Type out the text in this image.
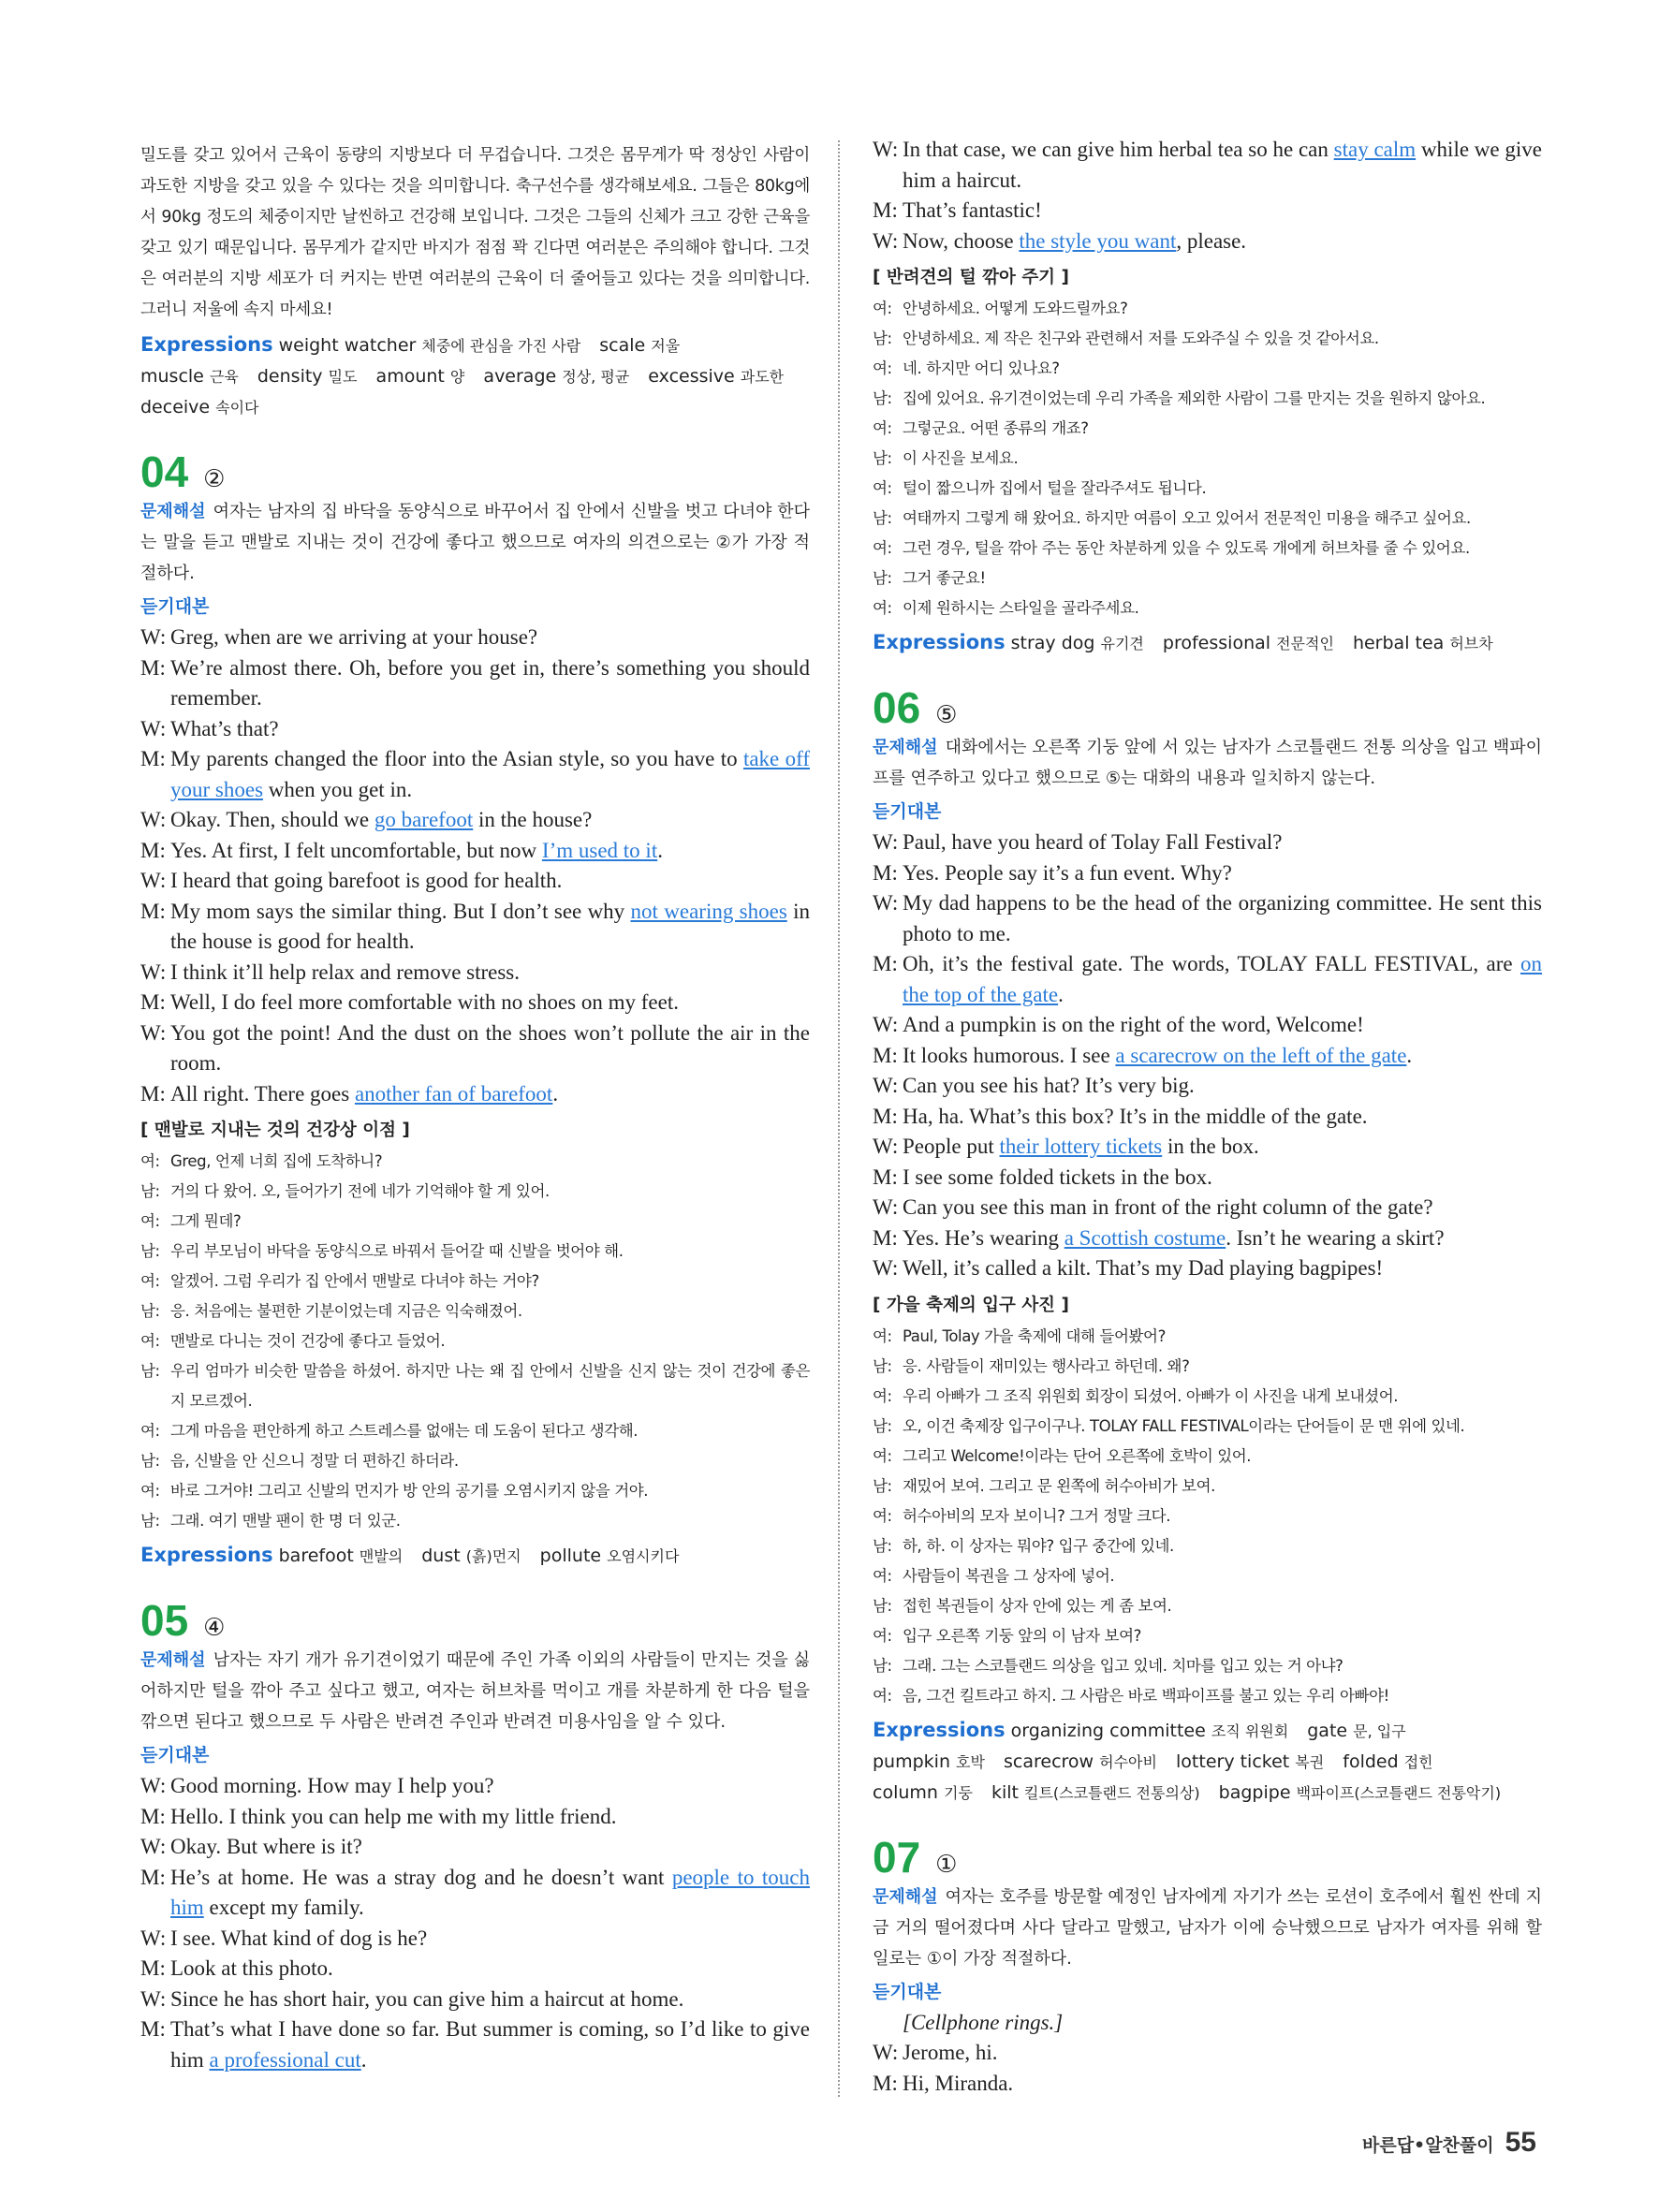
밀도를 갖고 있어서 근육이 동량의 지방보다 더 무겁습니다. 그것은 몸무게가 딱 정상인 사람이 과도한 지방을 갖고 있을 수 있다는 것을 의미합니다. 축구선수를 생각해보세요. 그들은 80kg에서 90kg 정도의 체중이지만 날씬하고 건강해 보입니다. 그것은 그들의 신체가 크고 강한 근육을 갖고 있기 때문입니다. 몸무게가 같지만 바지가 점점 꽉 긴다면 여러분은 주의해야 합니다. 그것은 여러분의 지방 세포가 더 커지는 반면 여러분의 근육이 더 줄어들고 있다는 것을 의미합니다. 그러니 저울에 속지 마세요!
Expressions weight watcher 체중에 관심을 가진 사람 scale 저울 muscle 근육 density 밀도 amount 양 average 정상, 평균 excessive 과도한 deceive 속이다
04 ②
문제해설 여자는 남자의 집 바닥을 동양식으로 바꾸어서 집 안에서 신발을 벗고 다녀야 한다는 말을 듣고 맨발로 지내는 것이 건강에 좋다고 했으므로 여자의 의견으로는 ②가 가장 적절하다.
듣기대본
W: Greg, when are we arriving at your house?
M: We’re almost there. Oh, before you get in, there’s something you should remember.
W: What’s that?
M: My parents changed the floor into the Asian style, so you have to take off your shoes when you get in.
W: Okay. Then, should we go barefoot in the house?
M: Yes. At first, I felt uncomfortable, but now I’m used to it.
W: I heard that going barefoot is good for health.
M: My mom says the similar thing. But I don’t see why not wearing shoes in the house is good for health.
W: I think it’ll help relax and remove stress.
M: Well, I do feel more comfortable with no shoes on my feet.
W: You got the point! And the dust on the shoes won’t pollute the air in the room.
M: All right. There goes another fan of barefoot.
[ 맨발로 지내는 것의 건강상 이점 ]
여: Greg, 언제 너희 집에 도착하니?
남: 거의 다 왔어. 오, 들어가기 전에 네가 기억해야 할 게 있어.
여: 그게 뭔데?
남: 우리 부모님이 바닥을 동양식으로 바꿔서 들어갈 때 신발을 벗어야 해.
여: 알겠어. 그럼 우리가 집 안에서 맨발로 다녀야 하는 거야?
남: 응. 처음에는 불편한 기분이었는데 지금은 익숙해졌어.
여: 맨발로 다니는 것이 건강에 좋다고 들었어.
남: 우리 엄마가 비슷한 말씀을 하셨어. 하지만 나는 왜 집 안에서 신발을 신지 않는 것이 건강에 좋은지 모르겠어.
여: 그게 마음을 편안하게 하고 스트레스를 없애는 데 도움이 된다고 생각해.
남: 음, 신발을 안 신으니 정말 더 편하긴 하더라.
여: 바로 그거야! 그리고 신발의 먼지가 방 안의 공기를 오염시키지 않을 거야.
남: 그래. 여기 맨발 팬이 한 명 더 있군.
Expressions barefoot 맨발의 dust (흙)먼지 pollute 오염시키다
05 ④
문제해설 남자는 자기 개가 유기견이었기 때문에 주인 가족 이외의 사람들이 만지는 것을 싫어하지만 털을 깎아 주고 싶다고 했고, 여자는 허브차를 먹이고 개를 차분하게 한 다음 털을 깎으면 된다고 했으므로 두 사람은 반려견 주인과 반려견 미용사임을 알 수 있다.
듣기대본
W: Good morning. How may I help you?
M: Hello. I think you can help me with my little friend.
W: Okay. But where is it?
M: He’s at home. He was a stray dog and he doesn’t want people to touch him except my family.
W: I see. What kind of dog is he?
M: Look at this photo.
W: Since he has short hair, you can give him a haircut at home.
M: That’s what I have done so far. But summer is coming, so I’d like to give him a professional cut.
W: In that case, we can give him herbal tea so he can stay calm while we give him a haircut.
M: That’s fantastic!
W: Now, choose the style you want, please.
[ 반려견의 털 깎아 주기 ]
여: 안녕하세요. 어떻게 도와드릴까요?
남: 안녕하세요. 제 작은 친구와 관련해서 저를 도와주실 수 있을 것 같아서요.
여: 네. 하지만 어디 있나요?
남: 집에 있어요. 유기견이었는데 우리 가족을 제외한 사람이 그를 만지는 것을 원하지 않아요.
여: 그렇군요. 어떤 종류의 개죠?
남: 이 사진을 보세요.
여: 털이 짧으니까 집에서 털을 잘라주셔도 됩니다.
남: 여태까지 그렇게 해 왔어요. 하지만 여름이 오고 있어서 전문적인 미용을 해주고 싶어요.
여: 그런 경우, 털을 깎아 주는 동안 차분하게 있을 수 있도록 개에게 허브차를 줄 수 있어요.
남: 그거 좋군요!
여: 이제 원하시는 스타일을 골라주세요.
Expressions stray dog 유기견 professional 전문적인 herbal tea 허브차
06 ⑤
문제해설 대화에서는 오른쪽 기둥 앞에 서 있는 남자가 스코틀랜드 전통 의상을 입고 백파이프를 연주하고 있다고 했으므로 ⑤는 대화의 내용과 일치하지 않는다.
듣기대본
W: Paul, have you heard of Tolay Fall Festival?
M: Yes. People say it’s a fun event. Why?
W: My dad happens to be the head of the organizing committee. He sent this photo to me.
M: Oh, it’s the festival gate. The words, TOLAY FALL FESTIVAL, are on the top of the gate.
W: And a pumpkin is on the right of the word, Welcome!
M: It looks humorous. I see a scarecrow on the left of the gate.
W: Can you see his hat? It’s very big.
M: Ha, ha. What’s this box? It’s in the middle of the gate.
W: People put their lottery tickets in the box.
M: I see some folded tickets in the box.
W: Can you see this man in front of the right column of the gate?
M: Yes. He’s wearing a Scottish costume. Isn’t he wearing a skirt?
W: Well, it’s called a kilt. That’s my Dad playing bagpipes!
[ 가을 축제의 입구 사진 ]
여: Paul, Tolay 가을 축제에 대해 들어봤어?
남: 응. 사람들이 재미있는 행사라고 하던데. 왜?
여: 우리 아빠가 그 조직 위원회 회장이 되셨어. 아빠가 이 사진을 내게 보내셨어.
남: 오, 이건 축제장 입구이구나. TOLAY FALL FESTIVAL이라는 단어들이 문 맨 위에 있네.
여: 그리고 Welcome!이라는 단어 오른쪽에 호박이 있어.
남: 재밌어 보여. 그리고 문 왼쪽에 허수아비가 보여.
여: 허수아비의 모자 보이니? 그거 정말 크다.
남: 하, 하. 이 상자는 뭐야? 입구 중간에 있네.
여: 사람들이 복권을 그 상자에 넣어.
남: 접힌 복권들이 상자 안에 있는 게 좀 보여.
여: 입구 오른쪽 기둥 앞의 이 남자 보여?
남: 그래. 그는 스코틀랜드 의상을 입고 있네. 치마를 입고 있는 거 아냐?
여: 음, 그건 킬트라고 하지. 그 사람은 바로 백파이프를 불고 있는 우리 아빠야!
Expressions organizing committee 조직 위원회 gate 문, 입구 pumpkin 호박 scarecrow 허수아비 lottery ticket 복권 folded 접힌 column 기둥 kilt 킬트(스코틀랜드 전통의상) bagpipe 백파이프(스코틀랜드 전통악기)
07 ①
문제해설 여자는 호주를 방문할 예정인 남자에게 자기가 쓰는 로션이 호주에서 훨씬 싼데 지금 거의 떨어졌다며 사다 달라고 말했고, 남자가 이에 승낙했으므로 남자가 여자를 위해 할 일로는 ①이 가장 적절하다.
듣기대본
[Cellphone rings.]
W: Jerome, hi.
M: Hi, Miranda.
바른답•알찬풀이 55
